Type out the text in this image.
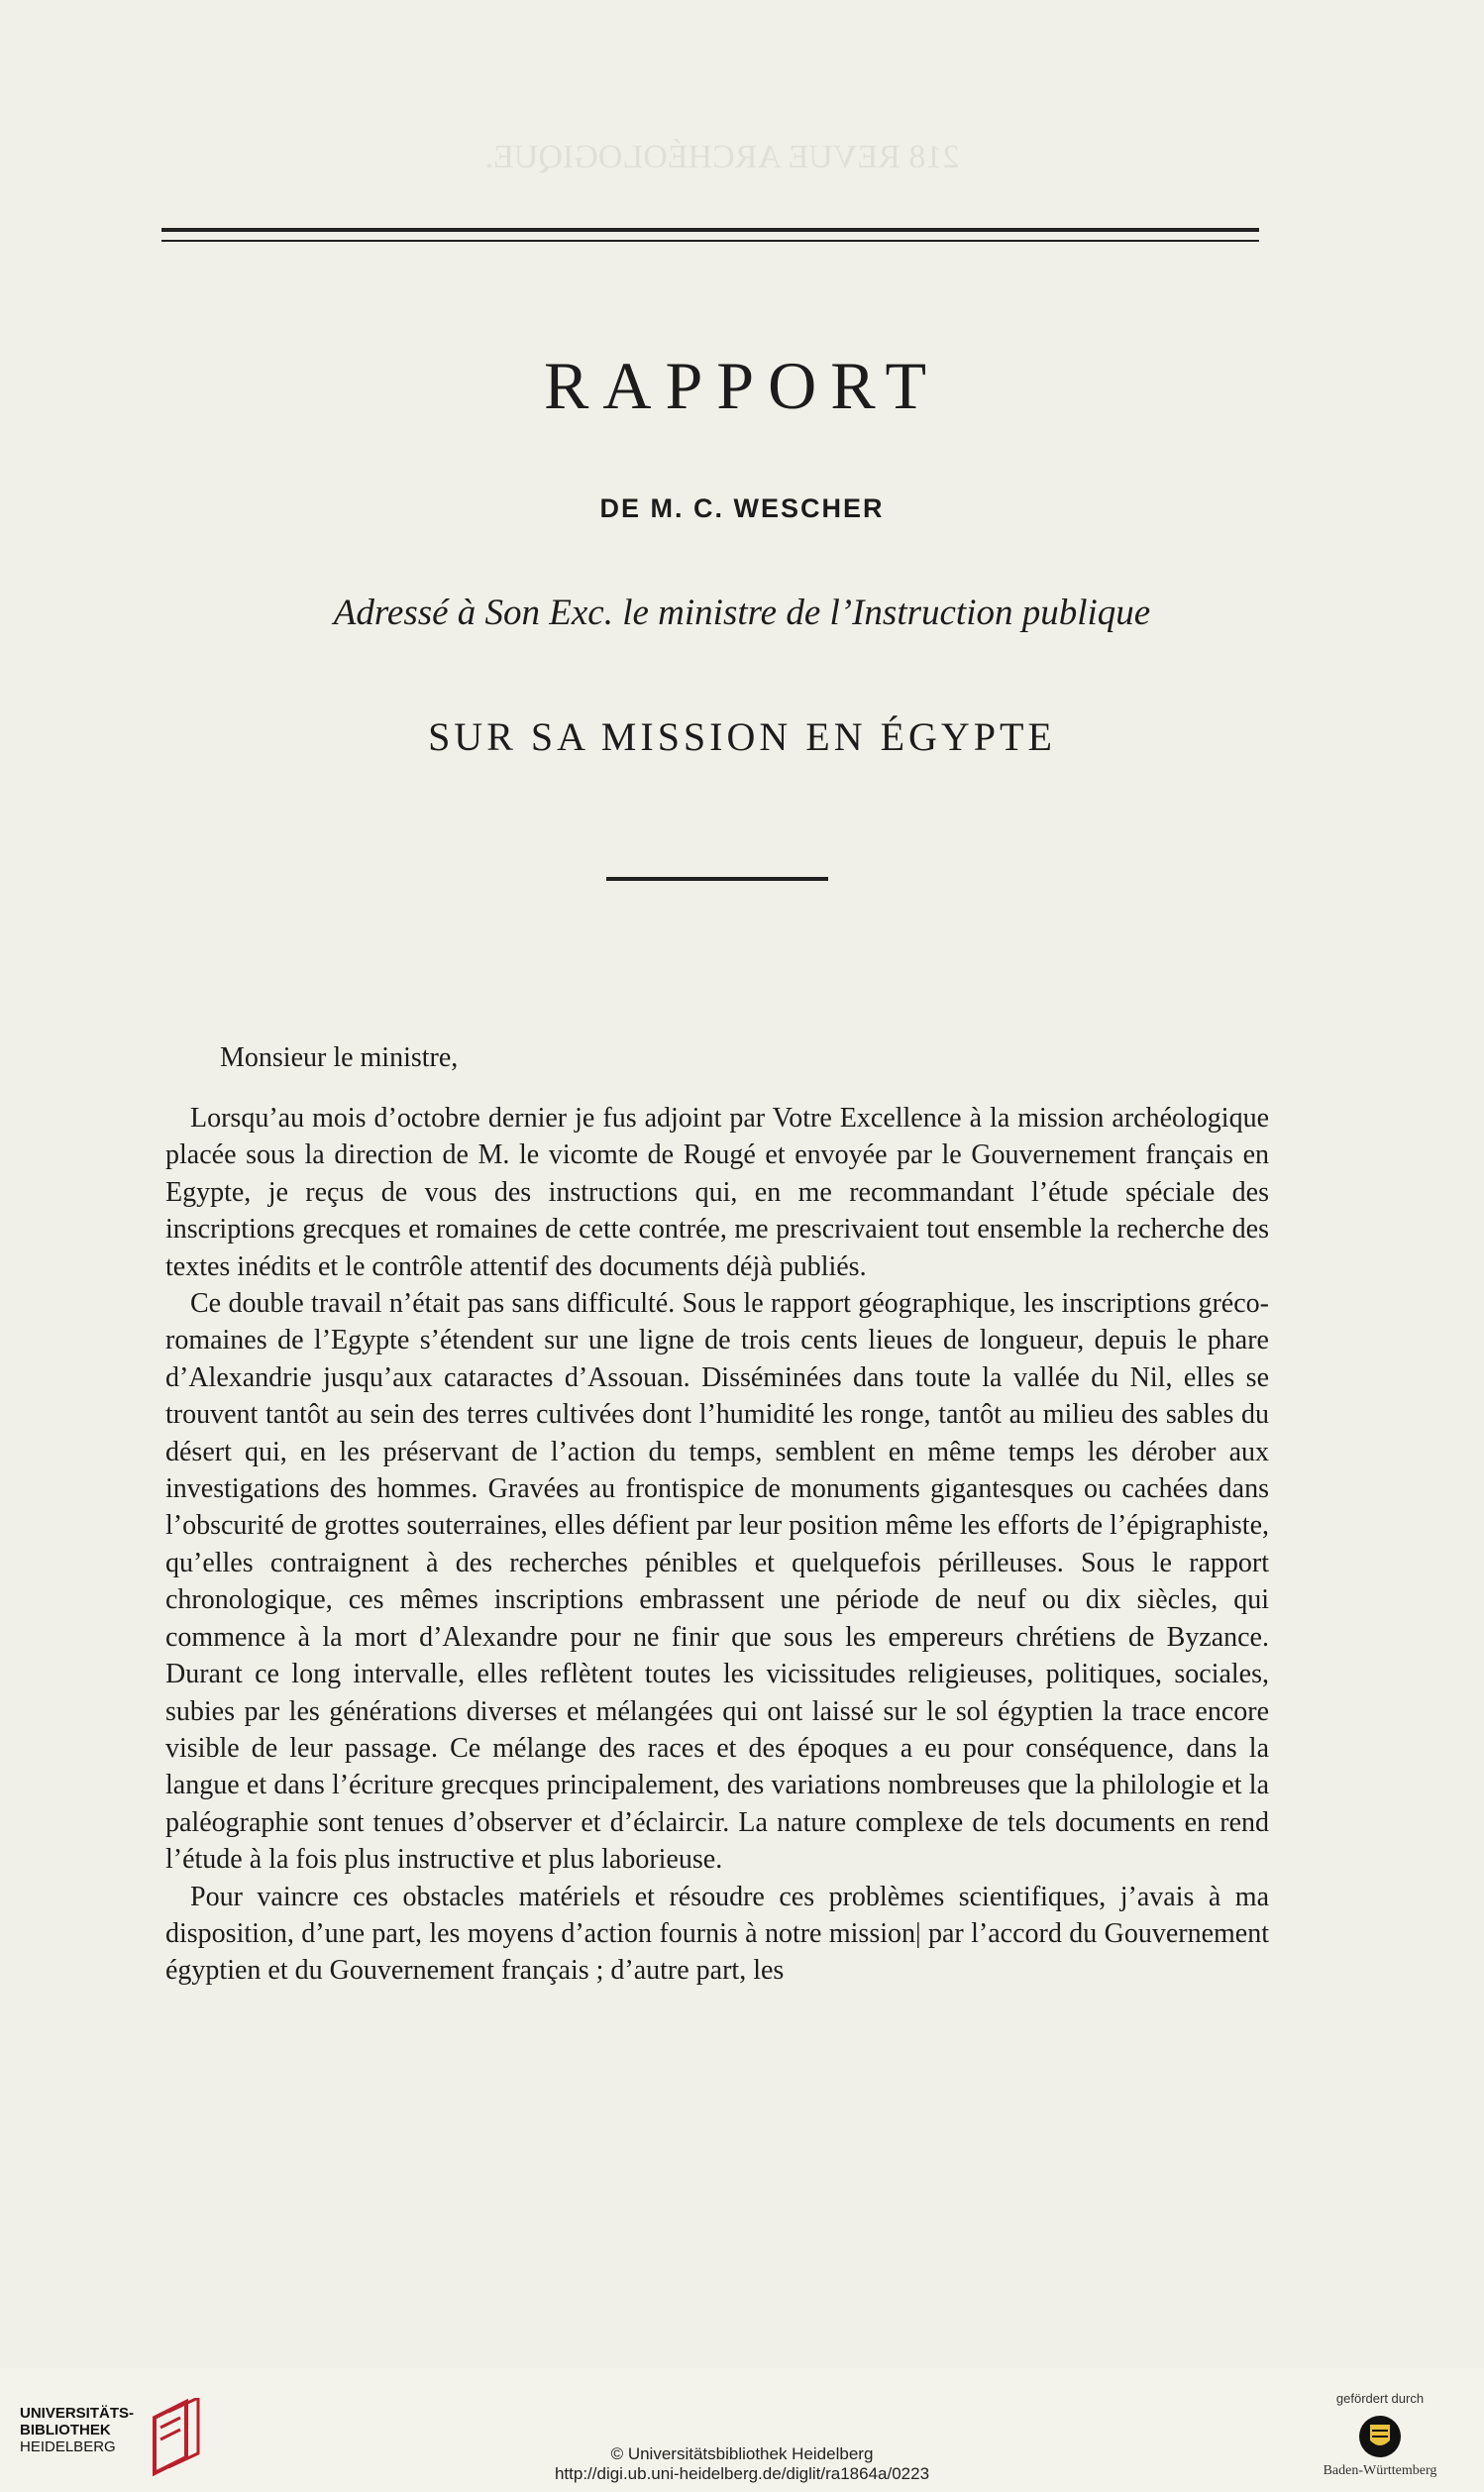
218 REVUE ARCHÉOLOGIQUE.
RAPPORT
DE M. C. WESCHER
Adressé à Son Exc. le ministre de l’Instruction publique
SUR SA MISSION EN ÉGYPTE
Monsieur le ministre,

Lorsqu’au mois d’octobre dernier je fus adjoint par Votre Excellence à la mission archéologique placée sous la direction de M. le vicomte de Rougé et envoyée par le Gouvernement français en Egypte, je reçus de vous des instructions qui, en me recommandant l’étude spéciale des inscriptions grecques et romaines de cette contrée, me prescrivaient tout ensemble la recherche des textes inédits et le contrôle attentif des documents déjà publiés.

Ce double travail n’était pas sans difficulté. Sous le rapport géographique, les inscriptions gréco-romaines de l’Egypte s’étendent sur une ligne de trois cents lieues de longueur, depuis le phare d’Alexandrie jusqu’aux cataractes d’Assouan. Disséminées dans toute la vallée du Nil, elles se trouvent tantôt au sein des terres cultivées dont l’humidité les ronge, tantôt au milieu des sables du désert qui, en les préservant de l’action du temps, semblent en même temps les dérober aux investigations des hommes. Gravées au frontispice de monuments gigantesques ou cachées dans l’obscurité de grottes souterraines, elles défient par leur position même les efforts de l’épigraphiste, qu’elles contraignent à des recherches pénibles et quelquefois périlleuses. Sous le rapport chronologique, ces mêmes inscriptions embrassent une période de neuf ou dix siècles, qui commence à la mort d’Alexandre pour ne finir que sous les empereurs chrétiens de Byzance. Durant ce long intervalle, elles reflètent toutes les vicissitudes religieuses, politiques, sociales, subies par les générations diverses et mélangées qui ont laissé sur le sol égyptien la trace encore visible de leur passage. Ce mélange des races et des époques a eu pour conséquence, dans la langue et dans l’écriture grecques principalement, des variations nombreuses que la philologie et la paléographie sont tenues d’observer et d’éclaircir. La nature complexe de tels documents en rend l’étude à la fois plus instructive et plus laborieuse.

Pour vaincre ces obstacles matériels et résoudre ces problèmes scientifiques, j’avais à ma disposition, d’une part, les moyens d’action fournis à notre mission| par l’accord du Gouvernement égyptien et du Gouvernement français ; d’autre part, les

UNIVERSITÄTS-
BIBLIOTHEK
HEIDELBERG	© Universitätsbibliothek Heidelberg
http://digi.ub.uni-heidelberg.de/diglit/ra1864a/0223
gefördert durch
Baden-Württemberg
